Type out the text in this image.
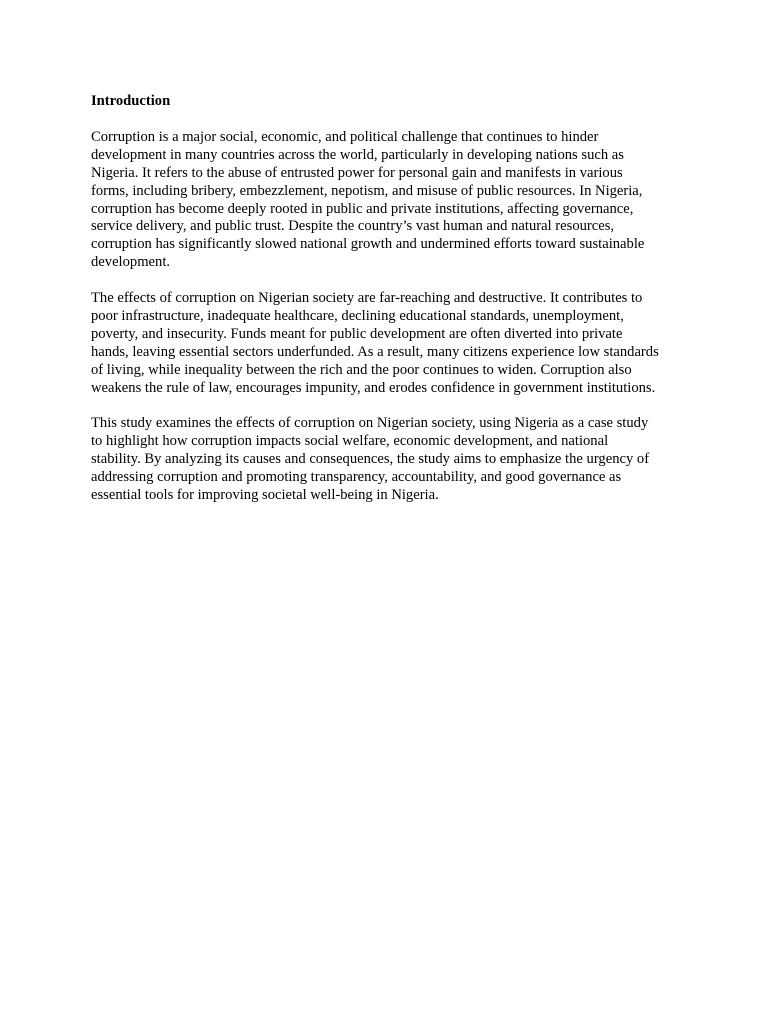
Introduction
Corruption is a major social, economic, and political challenge that continues to hinder
development in many countries across the world, particularly in developing nations such as
Nigeria. It refers to the abuse of entrusted power for personal gain and manifests in various
forms, including bribery, embezzlement, nepotism, and misuse of public resources. In Nigeria,
corruption has become deeply rooted in public and private institutions, affecting governance,
service delivery, and public trust. Despite the country’s vast human and natural resources,
corruption has significantly slowed national growth and undermined efforts toward sustainable
development.
The effects of corruption on Nigerian society are far-reaching and destructive. It contributes to
poor infrastructure, inadequate healthcare, declining educational standards, unemployment,
poverty, and insecurity. Funds meant for public development are often diverted into private
hands, leaving essential sectors underfunded. As a result, many citizens experience low standards
of living, while inequality between the rich and the poor continues to widen. Corruption also
weakens the rule of law, encourages impunity, and erodes confidence in government institutions.
This study examines the effects of corruption on Nigerian society, using Nigeria as a case study
to highlight how corruption impacts social welfare, economic development, and national
stability. By analyzing its causes and consequences, the study aims to emphasize the urgency of
addressing corruption and promoting transparency, accountability, and good governance as
essential tools for improving societal well-being in Nigeria.
